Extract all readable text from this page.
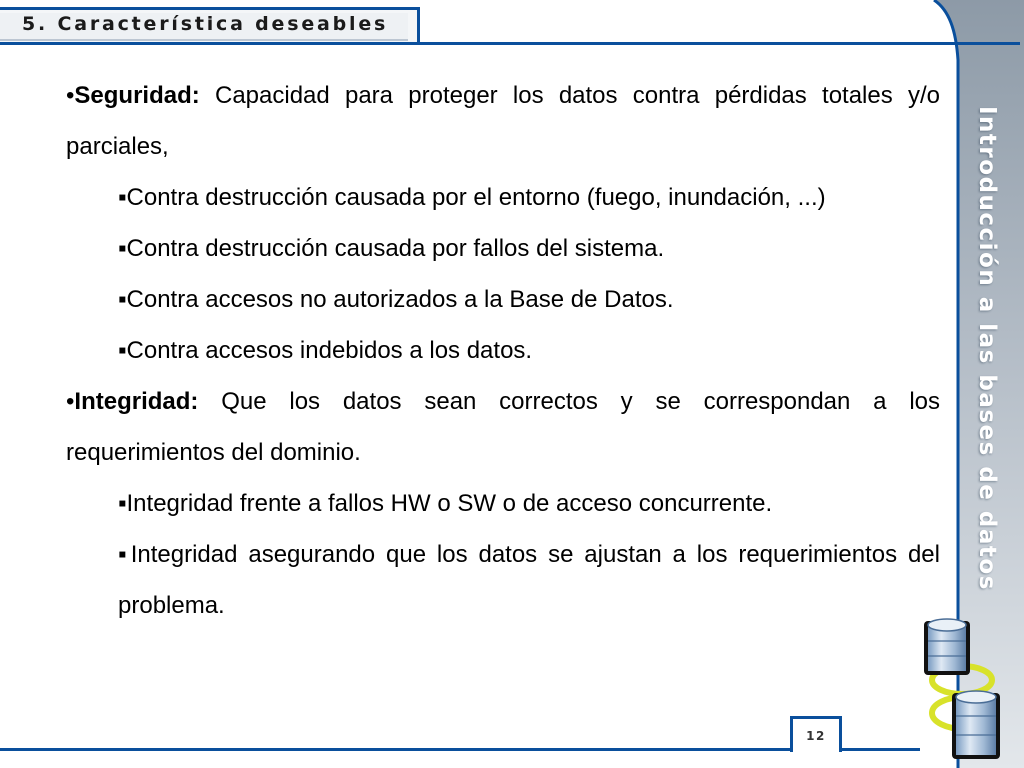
Introducción a las bases de datos
5. Característica deseables

•Seguridad: Capacidad para proteger los datos contra pérdidas totales y/o parciales,

▪Contra destrucción causada por el entorno (fuego, inundación, ...)

▪Contra destrucción causada por fallos del sistema.

▪Contra accesos no autorizados a la Base de Datos.

▪Contra accesos indebidos a los datos.

•Integridad: Que los datos sean correctos y se correspondan a los requerimientos del dominio.

▪Integridad frente a fallos HW o SW o de acceso concurrente.

▪Integridad asegurando que los datos se ajustan a los requerimientos del problema.

12
